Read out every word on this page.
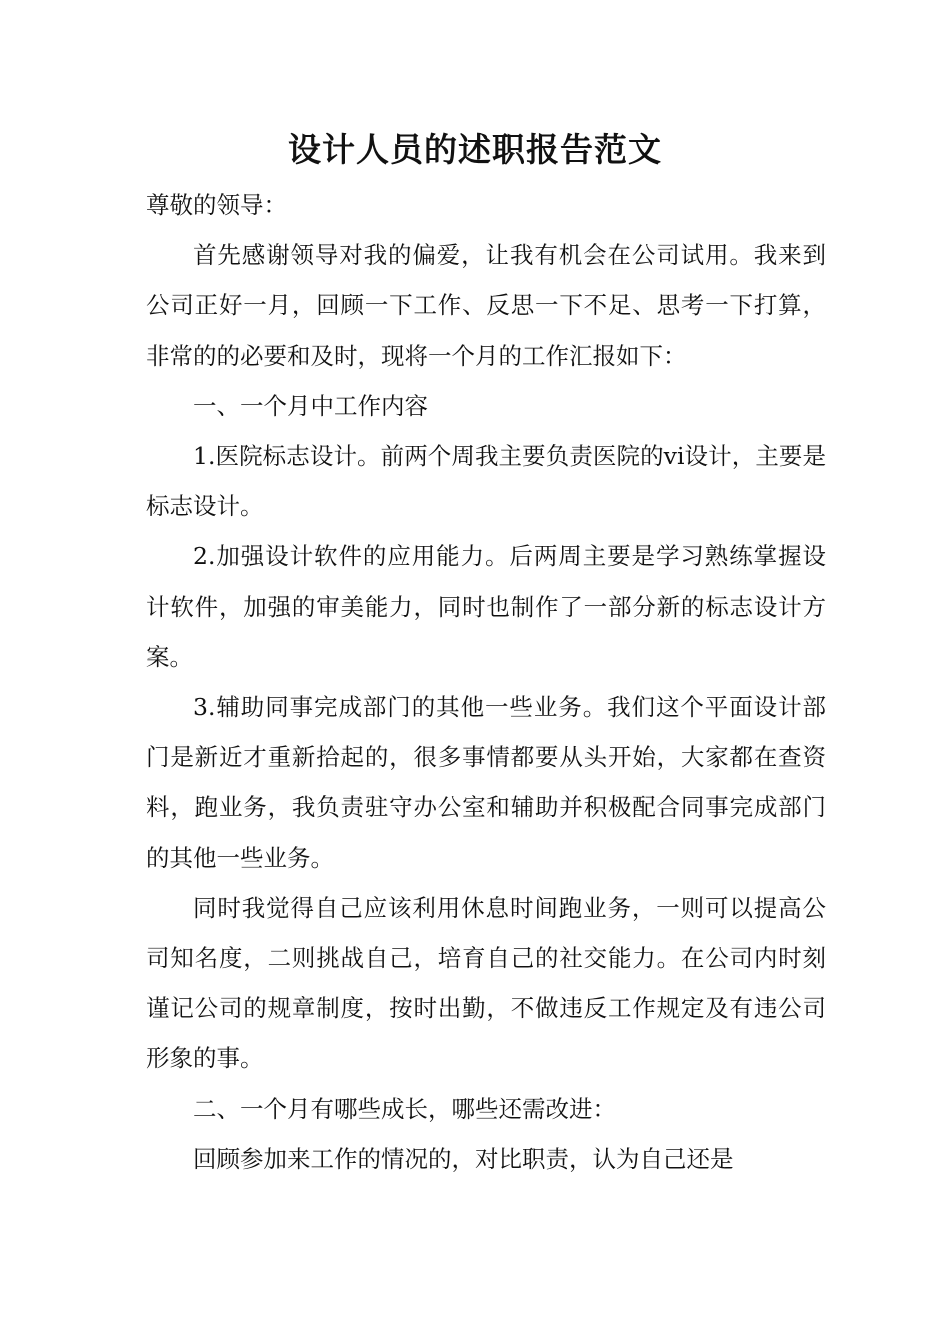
设计人员的述职报告范文

尊敬的领导：

首先感谢领导对我的偏爱，让我有机会在公司试用。我来到公司正好一月，回顾一下工作、反思一下不足、思考一下打算，非常的的必要和及时，现将一个月的工作汇报如下：

一、一个月中工作内容

1.医院标志设计。前两个周我主要负责医院的vi设计，主要是标志设计。

2.加强设计软件的应用能力。后两周主要是学习熟练掌握设计软件，加强的审美能力，同时也制作了一部分新的标志设计方案。

3.辅助同事完成部门的其他一些业务。我们这个平面设计部门是新近才重新拾起的，很多事情都要从头开始，大家都在查资料，跑业务，我负责驻守办公室和辅助并积极配合同事完成部门的其他一些业务。

同时我觉得自己应该利用休息时间跑业务，一则可以提高公司知名度，二则挑战自己，培育自己的社交能力。在公司内时刻谨记公司的规章制度，按时出勤，不做违反工作规定及有违公司形象的事。

二、一个月有哪些成长，哪些还需改进：

回顾参加来工作的情况的，对比职责，认为自己还是
